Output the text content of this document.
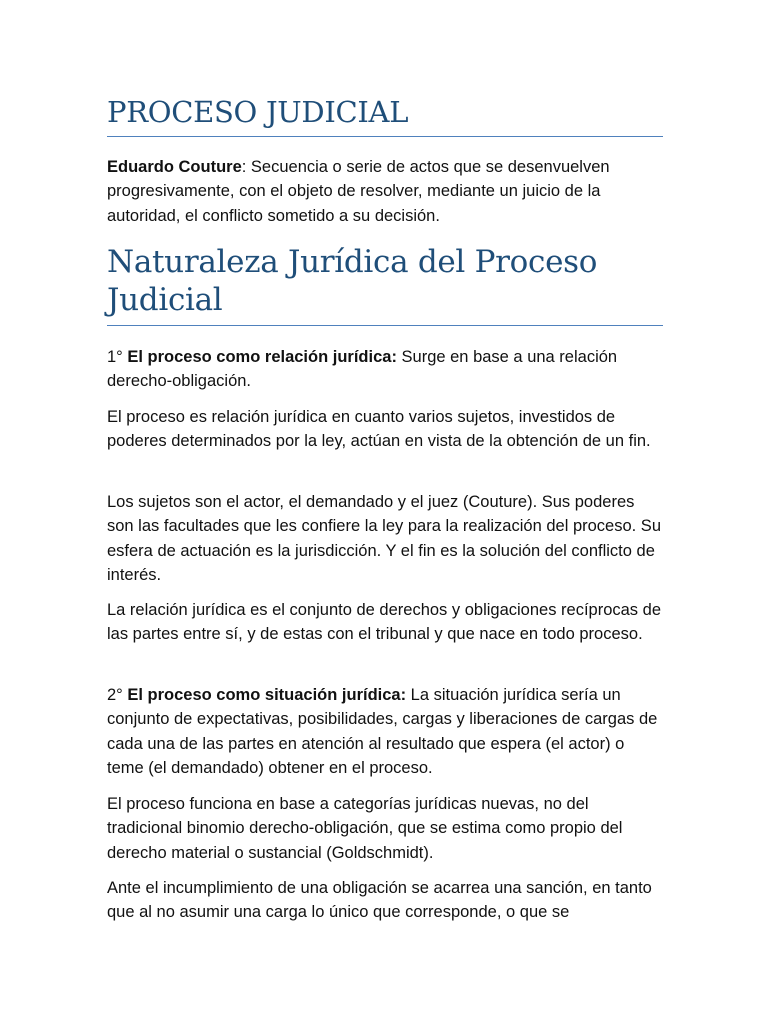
PROCESO JUDICIAL

Eduardo Couture: Secuencia o serie de actos que se desenvuelven progresivamente, con el objeto de resolver, mediante un juicio de la autoridad, el conflicto sometido a su decisión.

Naturaleza Jurídica del Proceso Judicial

1° El proceso como relación jurídica: Surge en base a una relación derecho-obligación.

El proceso es relación jurídica en cuanto varios sujetos, investidos de poderes determinados por la ley, actúan en vista de la obtención de un fin.

Los sujetos son el actor, el demandado y el juez (Couture). Sus poderes son las facultades que les confiere la ley para la realización del proceso. Su esfera de actuación es la jurisdicción. Y el fin es la solución del conflicto de interés.

La relación jurídica es el conjunto de derechos y obligaciones recíprocas de las partes entre sí, y de estas con el tribunal y que nace en todo proceso.

2° El proceso como situación jurídica: La situación jurídica sería un conjunto de expectativas, posibilidades, cargas y liberaciones de cargas de cada una de las partes en atención al resultado que espera (el actor) o teme (el demandado) obtener en el proceso.

El proceso funciona en base a categorías jurídicas nuevas, no del tradicional binomio derecho-obligación, que se estima como propio del derecho material o sustancial (Goldschmidt).

Ante el incumplimiento de una obligación se acarrea una sanción, en tanto que al no asumir una carga lo único que corresponde, o que se
